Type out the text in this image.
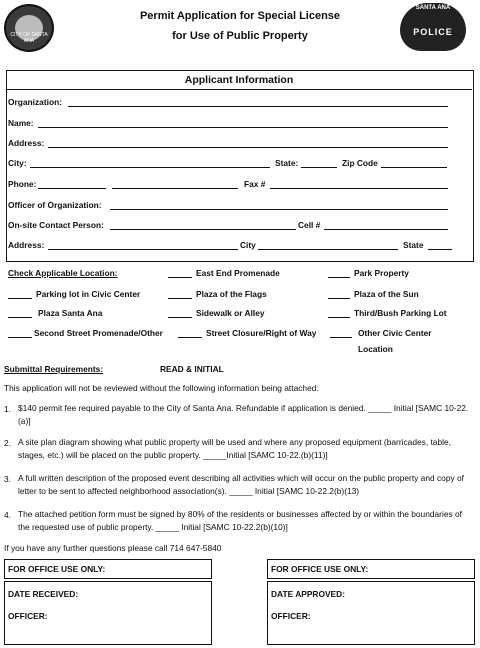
CITY OF SANTA ANA
Permit Application for Special License
for Use of Public Property
SANTA ANA
POLICE
Applicant Information
Organization:
Name:
Address:
City:	State:	Zip Code
Phone:	Fax #
Officer of Organization:
On-site Contact Person:	Cell #
Address:	City	State
Check Applicable Location:	East End Promenade	Park Property
Parking lot in Civic Center	Plaza of the Flags	Plaza of the Sun
Plaza Santa Ana	Sidewalk or Alley	Third/Bush Parking Lot
Second Street Promenade/Other	Street Closure/Right of Way	Other Civic Center
Location
Submittal Requirements:	READ & INITIAL
This application will not be reviewed without the following information being attached:
1. $140 permit fee required payable to the City of Santa Ana. Refundable if application is denied. _____ Initial [SAMC 10-22.(a)]
2. A site plan diagram showing what public property will be used and where any proposed equipment (barricades, table, stages, etc.) will be placed on the public property. _____Initial [SAMC 10-22.(b)(11)]
3. A full written description of the proposed event describing all activities which will occur on the public property and copy of letter to be sent to affected neighborhood association(s). _____ Initial [SAMC 10-22.2(b)(13)
4. The attached petition form must be signed by 80% of the residents or businesses affected by or within the boundaries of the requested use of public property. _____ Initial [SAMC 10-22.2(b)(10)]
If you have any further questions please call 714 647-5840
FOR OFFICE USE ONLY:	FOR OFFICE USE ONLY:
DATE RECEIVED:
OFFICER:
DATE APPROVED:
OFFICER:
